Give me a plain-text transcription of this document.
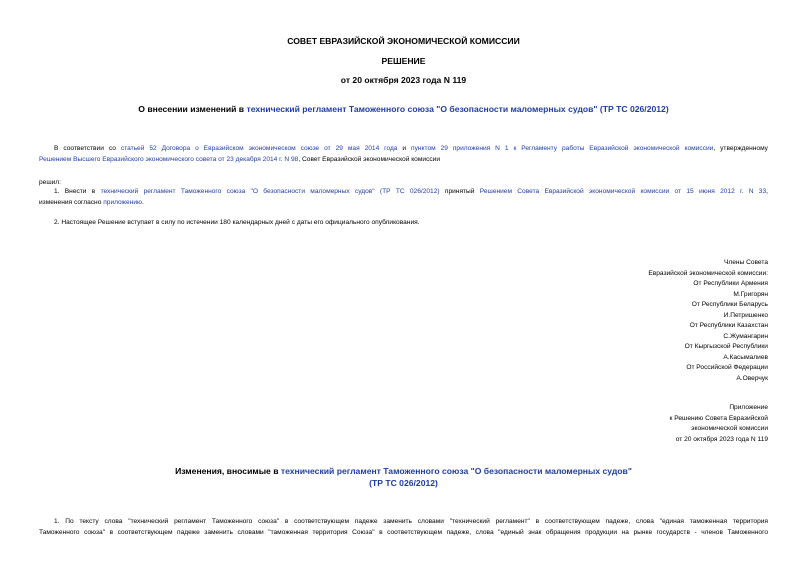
СОВЕТ ЕВРАЗИЙСКОЙ ЭКОНОМИЧЕСКОЙ КОМИССИИ
РЕШЕНИЕ
от 20 октября 2023 года N 119
О внесении изменений в технический регламент Таможенного союза "О безопасности маломерных судов" (ТР ТС 026/2012)
В соответствии со статьей 52 Договора о Евразийском экономическом союзе от 29 мая 2014 года и пунктом 29 приложения N 1 к Регламенту работы Евразийской экономической комиссии, утвержденному
Решением Высшего Евразийского экономического совета от 23 декабря 2014 г. N 98, Совет Евразийской экономической комиссии
решил:
1. Внести в технический регламент Таможенного союза "О безопасности маломерных судов" (ТР ТС 026/2012) принятый Решением Совета Евразийской экономической комиссии от 15 июня 2012 г. N 33,
изменения согласно приложению.
2. Настоящее Решение вступает в силу по истечении 180 календарных дней с даты его официального опубликования.
Члены Совета
Евразийской экономической комиссии:
От Республики Армения
М.Григорян
От Республики Беларусь
И.Петришенко
От Республики Казахстан
С.Жумангарин
От Кыргызской Республики
А.Касымалиев
От Российской Федерации
А.Оверчук
Приложение
к Решению Совета Евразийской
экономической комиссии
от 20 октября 2023 года N 119
Изменения, вносимые в технический регламент Таможенного союза "О безопасности маломерных судов"
(ТР ТС 026/2012)
1. По тексту слова "технический регламент Таможенного союза" в соответствующем падеже заменить словами "технический регламент" в соответствующем падеже, слова "единая таможенная территория
Таможенного союза" в соответствующем падеже заменить словами "таможенная территория Союза" в соответствующем падеже, слова "единый знак обращения продукции на рынке государств - членов Таможенного
